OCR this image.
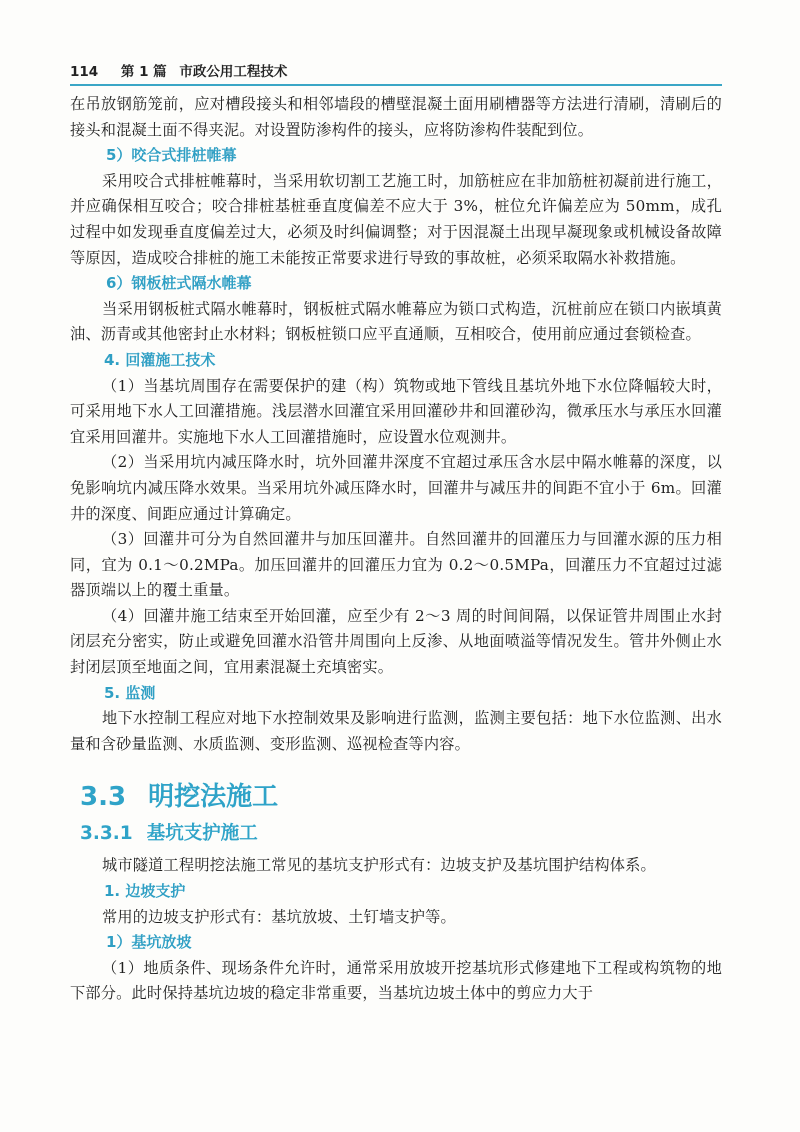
114 第 1 篇 市政公用工程技术

在吊放钢筋笼前，应对槽段接头和相邻墙段的槽壁混凝土面用刷槽器等方法进行清刷，清刷后的接头和混凝土面不得夹泥。对设置防渗构件的接头，应将防渗构件装配到位。

5）咬合式排桩帷幕

采用咬合式排桩帷幕时，当采用软切割工艺施工时，加筋桩应在非加筋桩初凝前进行施工，并应确保相互咬合；咬合排桩基桩垂直度偏差不应大于 3%，桩位允许偏差应为 50mm，成孔过程中如发现垂直度偏差过大，必须及时纠偏调整；对于因混凝土出现早凝现象或机械设备故障等原因，造成咬合排桩的施工未能按正常要求进行导致的事故桩，必须采取隔水补救措施。

6）钢板桩式隔水帷幕

当采用钢板桩式隔水帷幕时，钢板桩式隔水帷幕应为锁口式构造，沉桩前应在锁口内嵌填黄油、沥青或其他密封止水材料；钢板桩锁口应平直通顺，互相咬合，使用前应通过套锁检查。

4. 回灌施工技术

（1）当基坑周围存在需要保护的建（构）筑物或地下管线且基坑外地下水位降幅较大时，可采用地下水人工回灌措施。浅层潜水回灌宜采用回灌砂井和回灌砂沟，微承压水与承压水回灌宜采用回灌井。实施地下水人工回灌措施时，应设置水位观测井。

（2）当采用坑内减压降水时，坑外回灌井深度不宜超过承压含水层中隔水帷幕的深度，以免影响坑内减压降水效果。当采用坑外减压降水时，回灌井与减压井的间距不宜小于 6m。回灌井的深度、间距应通过计算确定。

（3）回灌井可分为自然回灌井与加压回灌井。自然回灌井的回灌压力与回灌水源的压力相同，宜为 0.1～0.2MPa。加压回灌井的回灌压力宜为 0.2～0.5MPa，回灌压力不宜超过过滤器顶端以上的覆土重量。

（4）回灌井施工结束至开始回灌，应至少有 2～3 周的时间间隔，以保证管井周围止水封闭层充分密实，防止或避免回灌水沿管井周围向上反渗、从地面喷溢等情况发生。管井外侧止水封闭层顶至地面之间，宜用素混凝土充填密实。

5. 监测

地下水控制工程应对地下水控制效果及影响进行监测，监测主要包括：地下水位监测、出水量和含砂量监测、水质监测、变形监测、巡视检查等内容。

3.3 明挖法施工
3.3.1 基坑支护施工

城市隧道工程明挖法施工常见的基坑支护形式有：边坡支护及基坑围护结构体系。

1. 边坡支护

常用的边坡支护形式有：基坑放坡、土钉墙支护等。

1）基坑放坡

（1）地质条件、现场条件允许时，通常采用放坡开挖基坑形式修建地下工程或构筑物的地下部分。此时保持基坑边坡的稳定非常重要，当基坑边坡土体中的剪应力大于
